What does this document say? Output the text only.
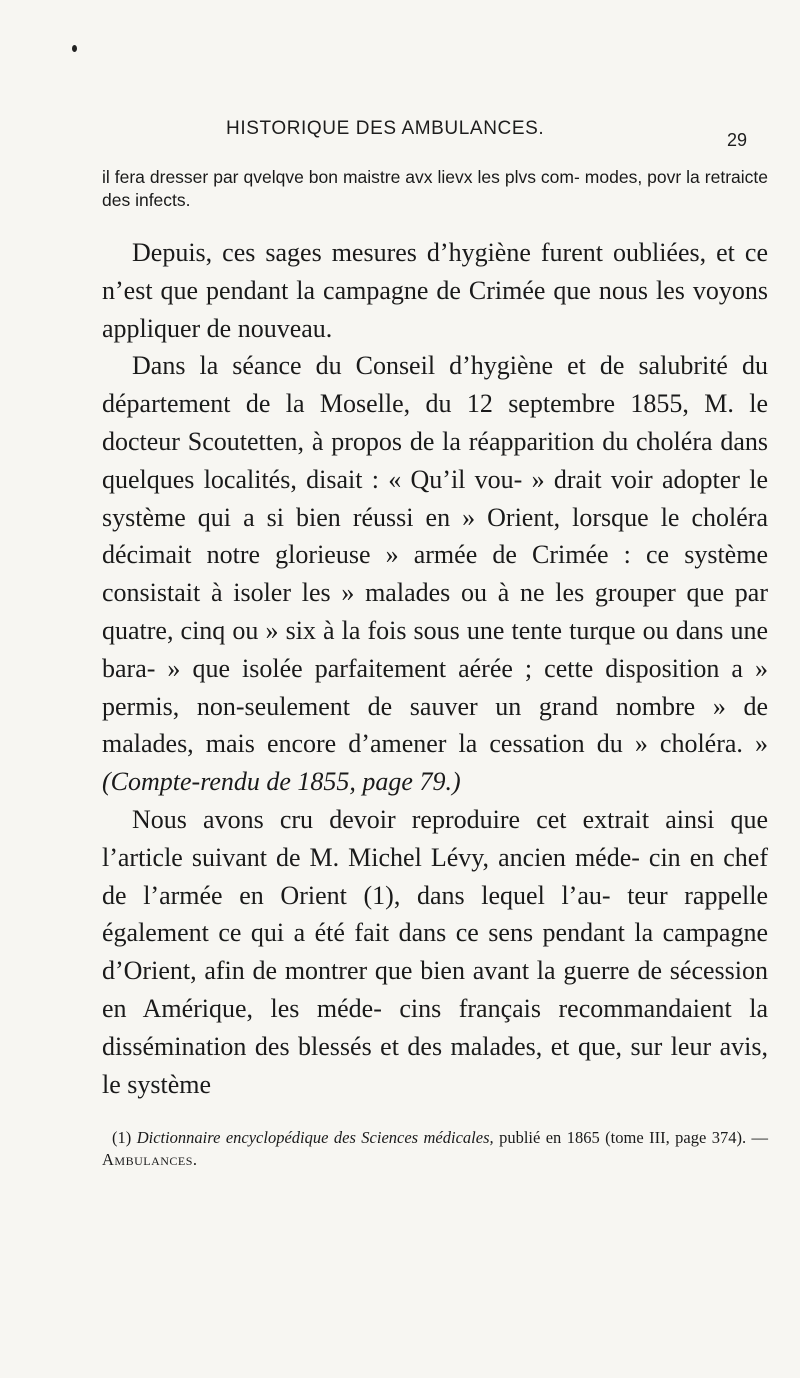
HISTORIQUE DES AMBULANCES.
29
il fera dresser par qvelqve bon maistre avx lievx les plvs com- modes, povr la retraicte des infects.

Depuis, ces sages mesures d’hygiène furent oubliées, et ce n’est que pendant la campagne de Crimée que nous les voyons appliquer de nouveau.

Dans la séance du Conseil d’hygiène et de salubrité du département de la Moselle, du 12 septembre 1855, M. le docteur Scoutetten, à propos de la réapparition du choléra dans quelques localités, disait : « Qu’il vou- » drait voir adopter le système qui a si bien réussi en » Orient, lorsque le choléra décimait notre glorieuse » armée de Crimée : ce système consistait à isoler les » malades ou à ne les grouper que par quatre, cinq ou » six à la fois sous une tente turque ou dans une bara- » que isolée parfaitement aérée ; cette disposition a » permis, non-seulement de sauver un grand nombre » de malades, mais encore d’amener la cessation du » choléra. » (Compte-rendu de 1855, page 79.)

Nous avons cru devoir reproduire cet extrait ainsi que l’article suivant de M. Michel Lévy, ancien méde- cin en chef de l’armée en Orient (1), dans lequel l’au- teur rappelle également ce qui a été fait dans ce sens pendant la campagne d’Orient, afin de montrer que bien avant la guerre de sécession en Amérique, les méde- cins français recommandaient la dissémination des blessés et des malades, et que, sur leur avis, le système

(1) Dictionnaire encyclopédique des Sciences médicales, publié en 1865 (tome III, page 374). — Ambulances.
